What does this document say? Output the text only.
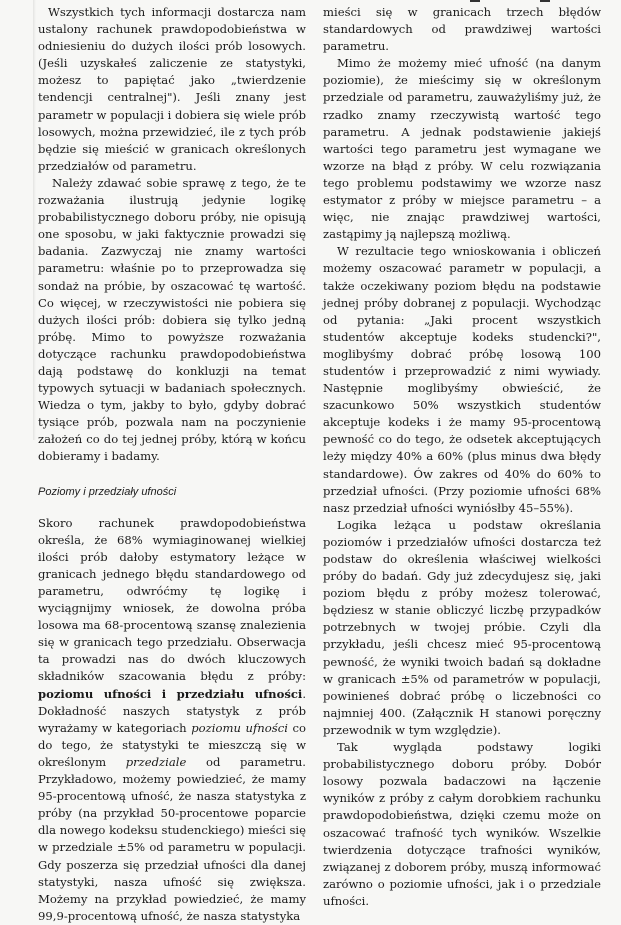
Wszystkich tych informacji dostarcza nam ustalony rachunek prawdopodobieństwa w odniesieniu do dużych ilości prób losowych. (Jeśli uzyskałeś zaliczenie ze statystyki, możesz to papiętać jako „twierdzenie tendencji centralnej"). Jeśli znany jest parametr w populacji i dobiera się wiele prób losowych, można przewidzieć, ile z tych prób będzie się mieścić w granicach określonych przedziałów od parametru.

Należy zdawać sobie sprawę z tego, że te rozważania ilustrują jedynie logikę probabilistycznego doboru próby, nie opisują one sposobu, w jaki faktycznie prowadzi się badania. Zazwyczaj nie znamy wartości parametru: właśnie po to przeprowadza się sondaż na próbie, by oszacować tę wartość. Co więcej, w rzeczywistości nie pobiera się dużych ilości prób: dobiera się tylko jedną próbę. Mimo to powyższe rozważania dotyczące rachunku prawdopodobieństwa dają podstawę do konkluzji na temat typowych sytuacji w badaniach społecznych. Wiedza o tym, jakby to było, gdyby dobrać tysiące prób, pozwala nam na poczynienie założeń co do tej jednej próby, którą w końcu dobieramy i badamy.

Poziomy i przedziały ufności

Skoro rachunek prawdopodobieństwa określa, że 68% wymiaginowanej wielkiej ilości prób dałoby estymatory leżące w granicach jednego błędu standardowego od parametru, odwróćmy tę logikę i wyciągnijmy wniosek, że dowolna próba losowa ma 68-procentową szansę znalezienia się w granicach tego przedziału. Obserwacja ta prowadzi nas do dwóch kluczowych składników szacowania błędu z próby: poziomu ufności i przedziału ufności. Dokładność naszych statystyk z prób wyrażamy w kategoriach poziomu ufności co do tego, że statystyki te mieszczą się w określonym przedziale od parametru. Przykładowo, możemy powiedzieć, że mamy 95-procentową ufność, że nasza statystyka z próby (na przykład 50-procentowe poparcie dla nowego kodeksu studenckiego) mieści się w przedziale ±5% od parametru w populacji. Gdy poszerza się przedział ufności dla danej statystyki, nasza ufność się zwiększa. Możemy na przykład powiedzieć, że mamy 99,9-procentową ufność, że nasza statystyka

mieści się w granicach trzech błędów standardowych od prawdziwej wartości parametru.

Mimo że możemy mieć ufność (na danym poziomie), że mieścimy się w określonym przedziale od parametru, zauważyliśmy już, że rzadko znamy rzeczywistą wartość tego parametru. A jednak podstawienie jakiejś wartości tego parametru jest wymagane we wzorze na błąd z próby. W celu rozwiązania tego problemu podstawimy we wzorze nasz estymator z próby w miejsce parametru – a więc, nie znając prawdziwej wartości, zastąpimy ją najlepszą możliwą.

W rezultacie tego wnioskowania i obliczeń możemy oszacować parametr w populacji, a także oczekiwany poziom błędu na podstawie jednej próby dobranej z populacji. Wychodząc od pytania: „Jaki procent wszystkich studentów akceptuje kodeks studencki?", moglibyśmy dobrać próbę losową 100 studentów i przeprowadzić z nimi wywiady. Następnie moglibyśmy obwieścić, że szacunkowo 50% wszystkich studentów akceptuje kodeks i że mamy 95-procentową pewność co do tego, że odsetek akceptujących leży między 40% a 60% (plus minus dwa błędy standardowe). Ów zakres od 40% do 60% to przedział ufności. (Przy poziomie ufności 68% nasz przedział ufności wyniósłby 45–55%).

Logika leżąca u podstaw określania poziomów i przedziałów ufności dostarcza też podstaw do określenia właściwej wielkości próby do badań. Gdy już zdecydujesz się, jaki poziom błędu z próby możesz tolerować, będziesz w stanie obliczyć liczbę przypadków potrzebnych w twojej próbie. Czyli dla przykładu, jeśli chcesz mieć 95-procentową pewność, że wyniki twoich badań są dokładne w granicach ±5% od parametrów w populacji, powinieneś dobrać próbę o liczebności co najmniej 400. (Załącznik H stanowi poręczny przewodnik w tym względzie).

Tak wygląda podstawy logiki probabilistycznego doboru próby. Dobór losowy pozwala badaczowi na łączenie wyników z próby z całym dorobkiem rachunku prawdopodobieństwa, dzięki czemu może on oszacować trafność tych wyników. Wszelkie twierdzenia dotyczące trafności wyników, związanej z doborem próby, muszą informować zarówno o poziomie ufności, jak i o przedziale ufności.
